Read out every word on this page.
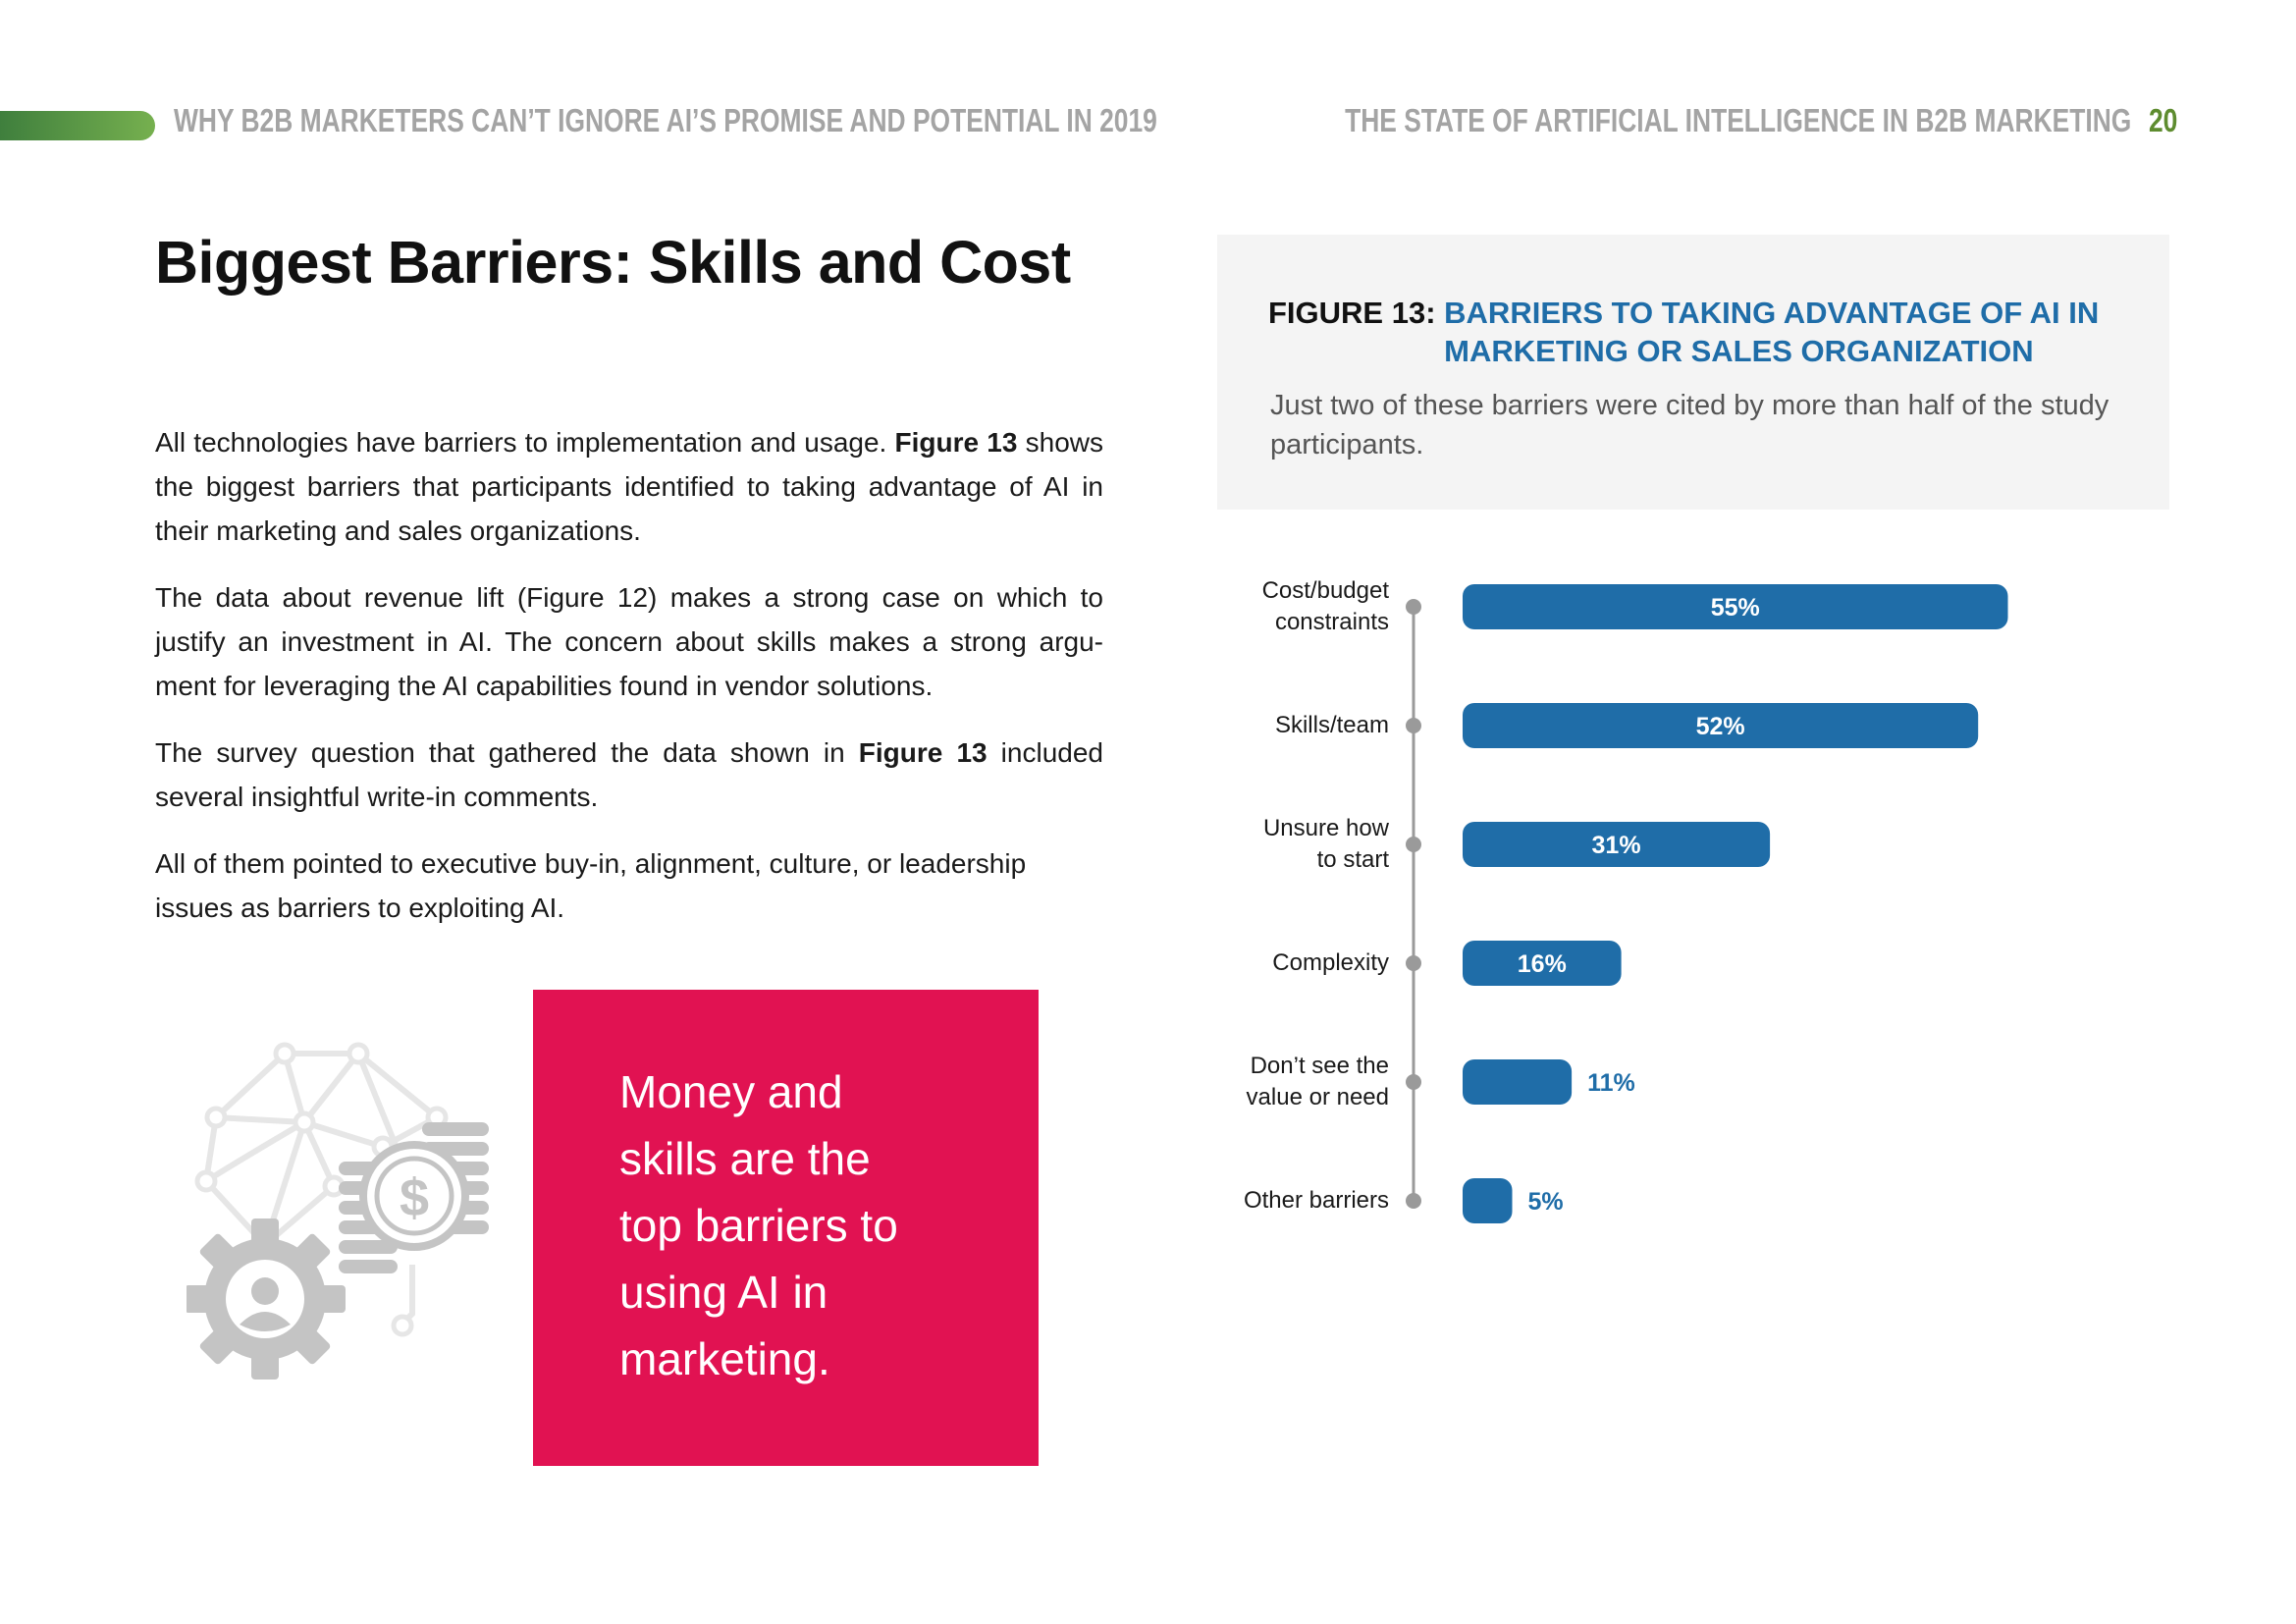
WHY B2B MARKETERS CAN’T IGNORE AI’S PROMISE AND POTENTIAL IN 2019	THE STATE OF ARTIFICIAL INTELLIGENCE IN B2B MARKETING 20
Biggest Barriers: Skills and Cost

All technologies have barriers to implementation and usage. Figure 13 shows the biggest barriers that participants identified to taking advantage of AI in their marketing and sales organizations.

The data about revenue lift (Figure 12) makes a strong case on which to justify an investment in AI. The concern about skills makes a strong argu-ment for leveraging the AI capabilities found in vendor solutions.

The survey question that gathered the data shown in Figure 13 included several insightful write-in comments.

All of them pointed to executive buy-in, alignment, culture, or leadership issues as barriers to exploiting AI.

$
Money and skills are the top barriers to using AI in marketing.
FIGURE 13: BARRIERS TO TAKING ADVANTAGE OF AI IN
MARKETING OR SALES ORGANIZATION
Just two of these barriers were cited by more than half of the study participants.
55%
52%
31%
16%
11%
5%
Cost/budget
constraints
Skills/team
Unsure how
to start
Complexity
Don’t see the
value or need
Other barriers
